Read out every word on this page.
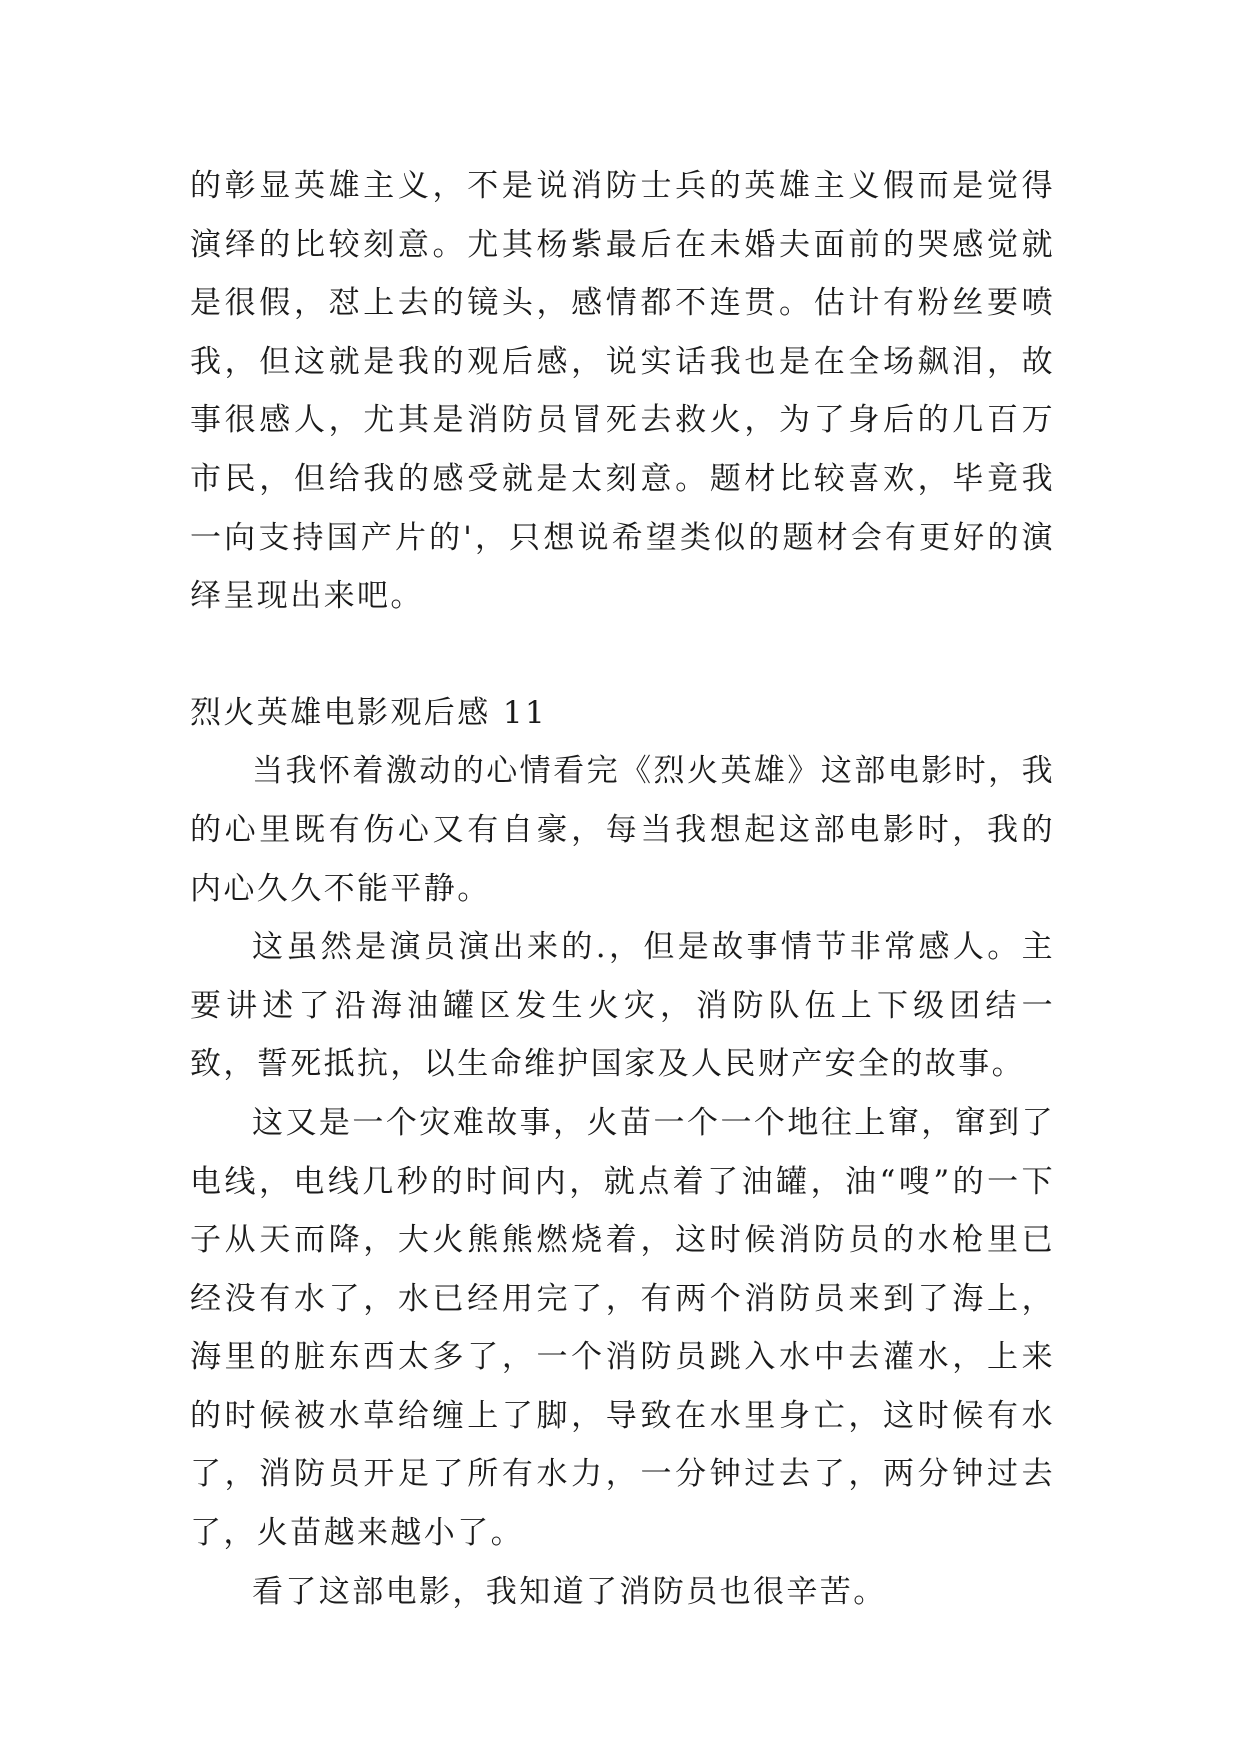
的彰显英雄主义，不是说消防士兵的英雄主义假而是觉得演绎的比较刻意。尤其杨紫最后在未婚夫面前的哭感觉就是很假，怼上去的镜头，感情都不连贯。估计有粉丝要喷我，但这就是我的观后感，说实话我也是在全场飙泪，故事很感人，尤其是消防员冒死去救火，为了身后的几百万市民，但给我的感受就是太刻意。题材比较喜欢，毕竟我一向支持国产片的'，只想说希望类似的题材会有更好的演绎呈现出来吧。

烈火英雄电影观后感 11

当我怀着激动的心情看完《烈火英雄》这部电影时，我的心里既有伤心又有自豪，每当我想起这部电影时，我的内心久久不能平静。

这虽然是演员演出来的.，但是故事情节非常感人。主要讲述了沿海油罐区发生火灾，消防队伍上下级团结一致，誓死抵抗，以生命维护国家及人民财产安全的故事。

这又是一个灾难故事，火苗一个一个地往上窜，窜到了电线，电线几秒的时间内，就点着了油罐，油“嗖”的一下子从天而降，大火熊熊燃烧着，这时候消防员的水枪里已经没有水了，水已经用完了，有两个消防员来到了海上，海里的脏东西太多了，一个消防员跳入水中去灌水，上来的时候被水草给缠上了脚，导致在水里身亡，这时候有水了，消防员开足了所有水力，一分钟过去了，两分钟过去了，火苗越来越小了。

看了这部电影，我知道了消防员也很辛苦。
